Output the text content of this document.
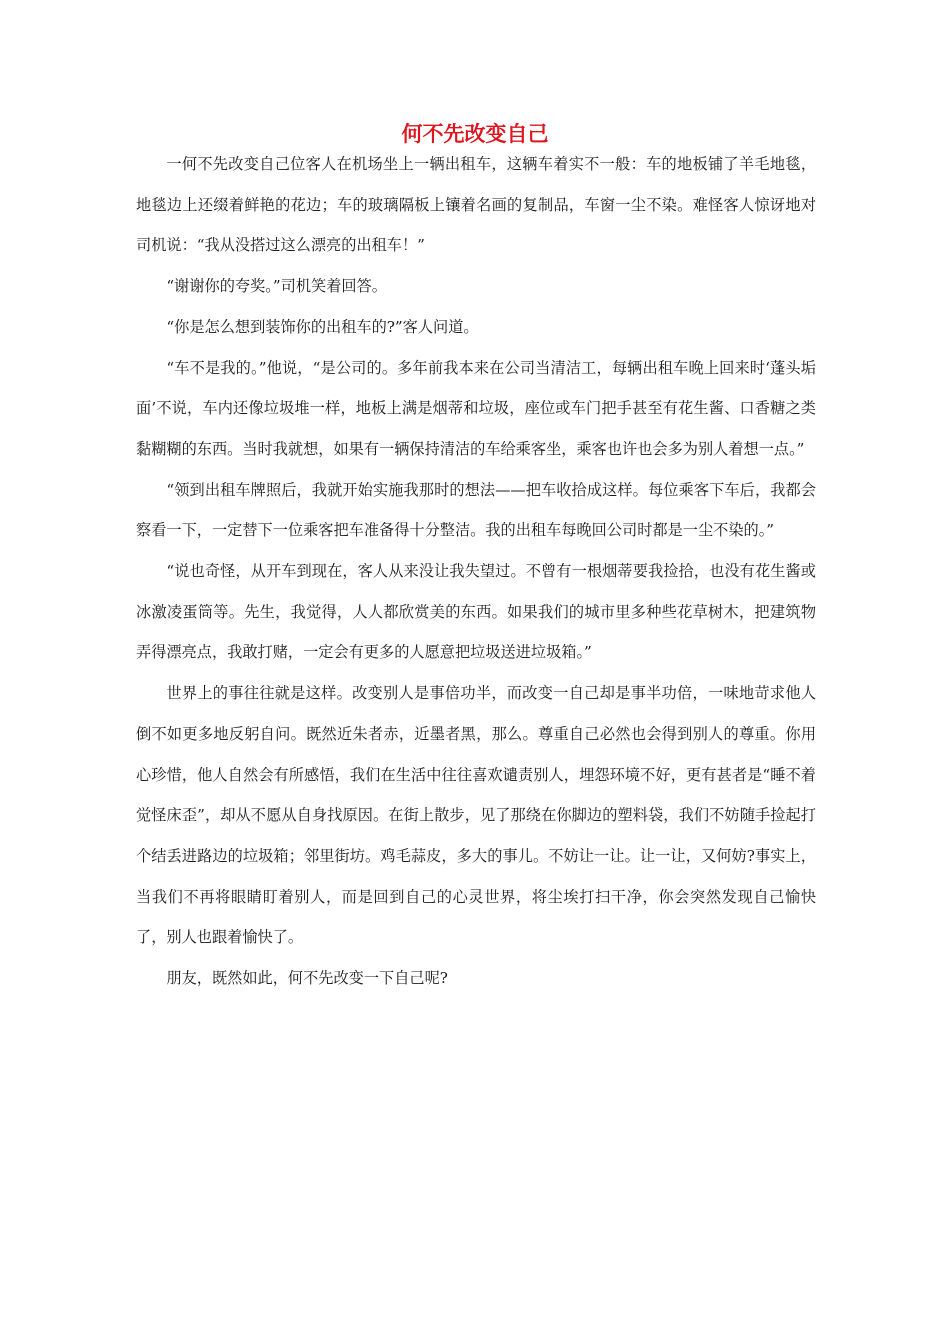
何不先改变自己

一何不先改变自己位客人在机场坐上一辆出租车，这辆车着实不一般：车的地板铺了羊毛地毯，地毯边上还缀着鲜艳的花边；车的玻璃隔板上镶着名画的复制品，车窗一尘不染。难怪客人惊讶地对司机说：“我从没搭过这么漂亮的出租车！”

“谢谢你的夸奖。”司机笑着回答。

“你是怎么想到装饰你的出租车的?”客人问道。

“车不是我的。”他说，“是公司的。多年前我本来在公司当清洁工，每辆出租车晚上回来时‘蓬头垢面’不说，车内还像垃圾堆一样，地板上满是烟蒂和垃圾，座位或车门把手甚至有花生酱、口香糖之类黏糊糊的东西。当时我就想，如果有一辆保持清洁的车给乘客坐，乘客也许也会多为别人着想一点。”

“领到出租车牌照后，我就开始实施我那时的想法——把车收拾成这样。每位乘客下车后，我都会察看一下，一定替下一位乘客把车准备得十分整洁。我的出租车每晚回公司时都是一尘不染的。”

“说也奇怪，从开车到现在，客人从来没让我失望过。不曾有一根烟蒂要我捡拾，也没有花生酱或冰激凌蛋筒等。先生，我觉得，人人都欣赏美的东西。如果我们的城市里多种些花草树木，把建筑物弄得漂亮点，我敢打赌，一定会有更多的人愿意把垃圾送进垃圾箱。”

世界上的事往往就是这样。改变别人是事倍功半，而改变一自己却是事半功倍，一味地苛求他人倒不如更多地反躬自问。既然近朱者赤，近墨者黑，那么。尊重自己必然也会得到别人的尊重。你用心珍惜，他人自然会有所感悟，我们在生活中往往喜欢谴责别人，埋怨环境不好，更有甚者是“睡不着觉怪床歪”，却从不愿从自身找原因。在街上散步，见了那绕在你脚边的塑料袋，我们不妨随手捡起打个结丢进路边的垃圾箱；邻里街坊。鸡毛蒜皮，多大的事儿。不妨让一让。让一让，又何妨?事实上，当我们不再将眼睛盯着别人，而是回到自己的心灵世界，将尘埃打扫干净，你会突然发现自己愉快了，别人也跟着愉快了。

朋友，既然如此，何不先改变一下自己呢?
